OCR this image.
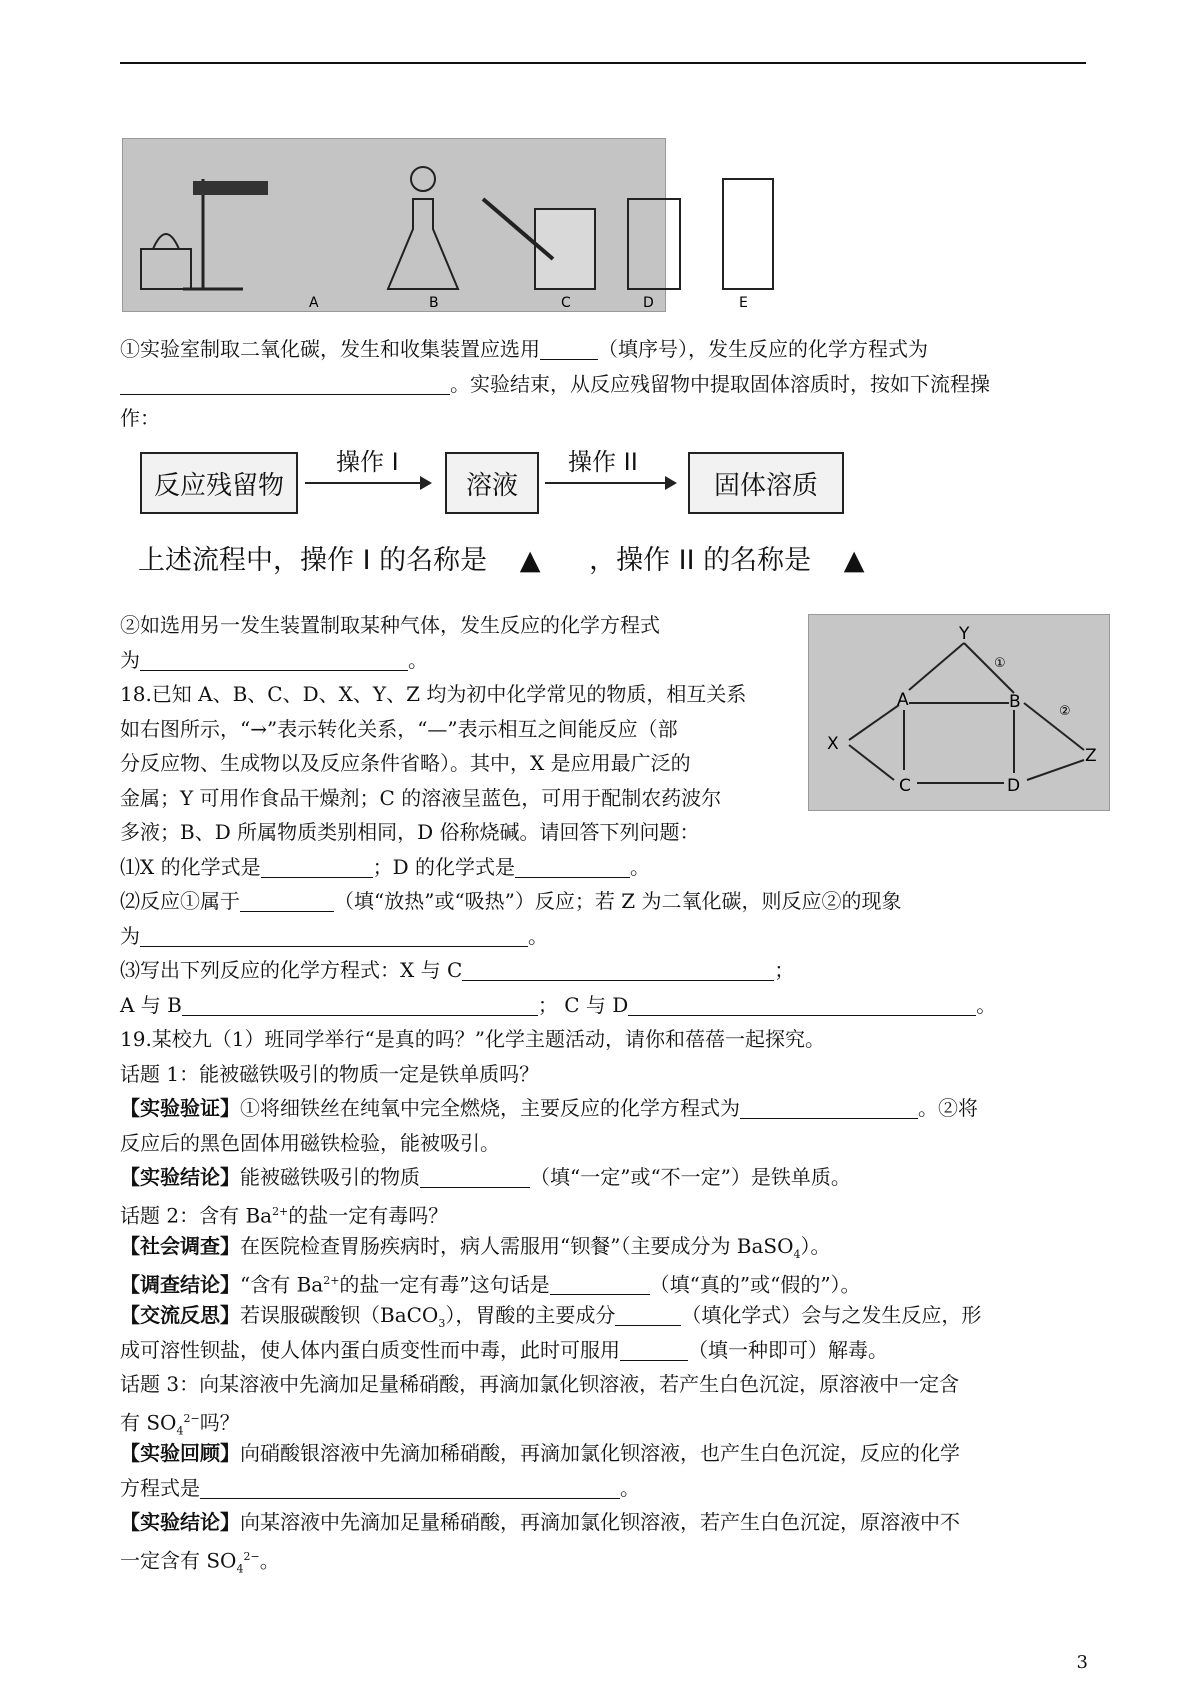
A	B	C	D	E
反应残留物
操作 I
溶液
操作 II
固体溶质
上述流程中，操作 I 的名称是 ▲ ，操作 II 的名称是 ▲
Y
①
A	B	②
X
Z
C	D
①实验室制取二氧化碳，发生和收集装置应选用	（填序号），发生反应的化学方程式为
。实验结束，从反应残留物中提取固体溶质时，按如下流程操
作：
②如选用另一发生装置制取某种气体，发生反应的化学方程式
为	。
18.已知 A、B、C、D、X、Y、Z 均为初中化学常见的物质，相互关系
如右图所示，“→”表示转化关系，“—”表示相互之间能反应（部
分反应物、生成物以及反应条件省略）。其中，X 是应用最广泛的
金属；Y 可用作食品干燥剂；C 的溶液呈蓝色，可用于配制农药波尔
多液；B、D 所属物质类别相同，D 俗称烧碱。请回答下列问题：
⑴X 的化学式是	；D 的化学式是	。
⑵反应①属于	（填“放热”或“吸热”）反应；若 Z 为二氧化碳，则反应②的现象
为	。
⑶写出下列反应的化学方程式：X 与 C	；
A 与 B	； C 与 D	。
19.某校九（1）班同学举行“是真的吗？”化学主题活动，请你和蓓蓓一起探究。
话题 1：能被磁铁吸引的物质一定是铁单质吗？
【实验验证】①将细铁丝在纯氧中完全燃烧，主要反应的化学方程式为	。②将
反应后的黑色固体用磁铁检验，能被吸引。
【实验结论】能被磁铁吸引的物质	（填“一定”或“不一定”）是铁单质。
话题 2：含有 $Ba^{2+}$的盐一定有毒吗？
【社会调查】在医院检查胃肠疾病时，病人需服用“钡餐”（主要成分为 BaSO$_4$）。
【调查结论】“含有 $Ba^{2+}$的盐一定有毒”这句话是	（填“真的”或“假的”）。
【交流反思】若误服碳酸钡（BaCO$_3$），胃酸的主要成分	（填化学式）会与之发生反应，形
成可溶性钡盐，使人体内蛋白质变性而中毒，此时可服用	（填一种即可）解毒。
话题 3：向某溶液中先滴加足量稀硝酸，再滴加氯化钡溶液，若产生白色沉淀，原溶液中一定含
有 $SO_4^{2-}$吗？
【实验回顾】向硝酸银溶液中先滴加稀硝酸，再滴加氯化钡溶液，也产生白色沉淀，反应的化学
方程式是	。
【实验结论】向某溶液中先滴加足量稀硝酸，再滴加氯化钡溶液，若产生白色沉淀，原溶液中不
一定含有 $SO_4^{2-}$。
3
